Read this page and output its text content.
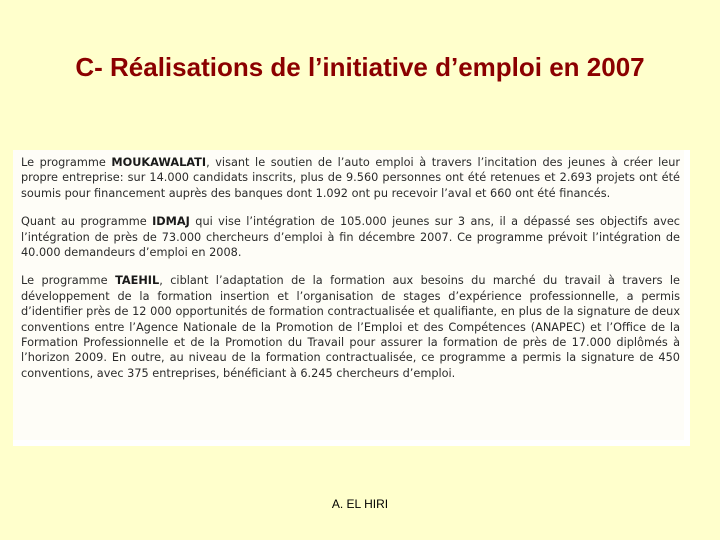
C- Réalisations de l’initiative d’emploi en 2007

Le programme MOUKAWALATI, visant le soutien de l’auto emploi à travers l’incitation des jeunes à créer leur propre entreprise: sur 14.000 candidats inscrits, plus de 9.560 personnes ont été retenues et 2.693 projets ont été soumis pour financement auprès des banques dont 1.092 ont pu recevoir l’aval et 660 ont été financés.

Quant au programme IDMAJ qui vise l’intégration de 105.000 jeunes sur 3 ans, il a dépassé ses objectifs avec l’intégration de près de 73.000 chercheurs d’emploi à fin décembre 2007. Ce programme prévoit l’intégration de 40.000 demandeurs d’emploi en 2008.

Le programme TAEHIL, ciblant l’adaptation de la formation aux besoins du marché du travail à travers le développement de la formation insertion et l’organisation de stages d’expérience professionnelle, a permis d’identifier près de 12 000 opportunités de formation contractualisée et qualifiante, en plus de la signature de deux conventions entre l’Agence Nationale de la Promotion de l’Emploi et des Compétences (ANAPEC) et l’Office de la Formation Professionnelle et de la Promotion du Travail pour assurer la formation de près de 17.000 diplômés à l’horizon 2009. En outre, au niveau de la formation contractualisée, ce programme a permis la signature de 450 conventions, avec 375 entreprises, bénéficiant à 6.245 chercheurs d’emploi.

A. EL HIRI
